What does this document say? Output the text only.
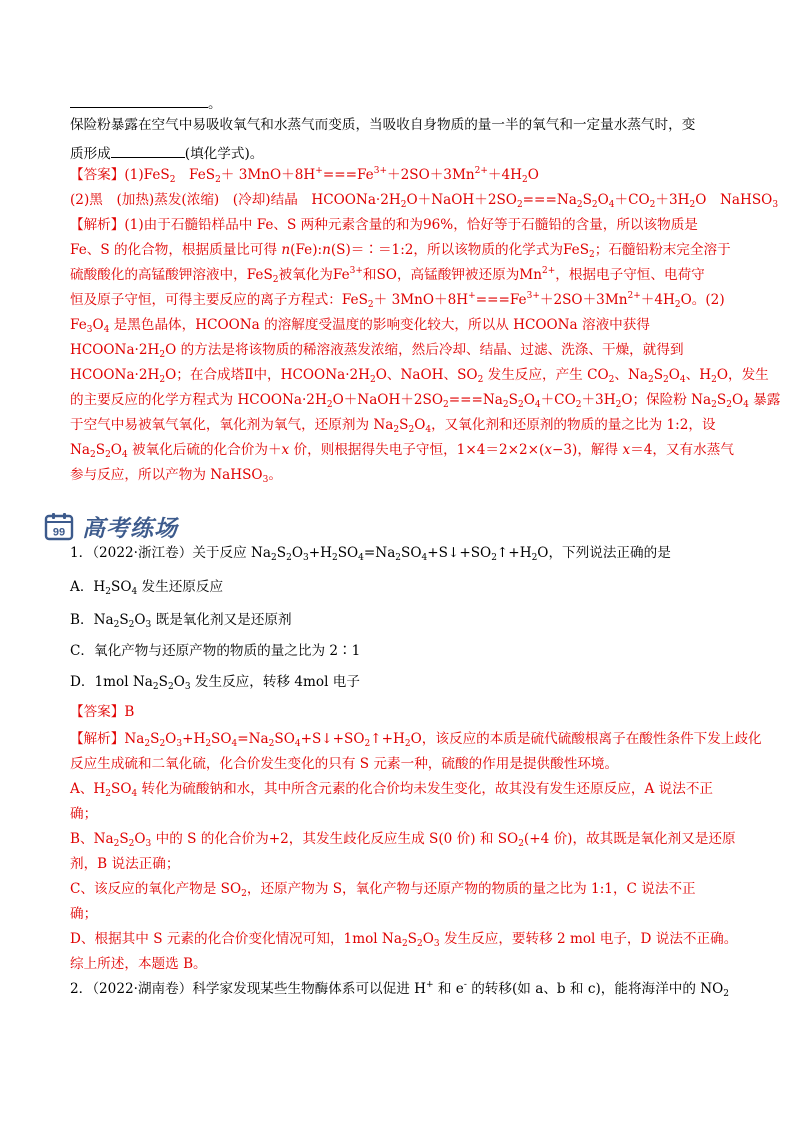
。
保险粉暴露在空气中易吸收氧气和水蒸气而变质，当吸收自身物质的量一半的氧气和一定量水蒸气时，变
质形成	(填化学式)。
【答案】(1)FeS$_2$　$FeS_2+ 3MnO+8H^+===Fe^{3+}+2SO+3Mn^{2+}+4H_2O$
(2)黑　(加热)蒸发(浓缩)　(冷却)结晶　$HCOONa\cdot 2H_2O+NaOH+2SO_2===Na_2S_2O_4+CO_2+3H_2O$　NaHSO$_3$
【解析】(1)由于石髓铅样品中 Fe、S 两种元素含量的和为96%，恰好等于石髓铅的含量，所以该物质是
Fe、S 的化合物，根据质量比可得 n(Fe):n(S)＝∶＝1:2，所以该物质的化学式为FeS$_2$；石髓铅粉末完全溶于
硫酸酸化的高锰酸钾溶液中，FeS$_2$被氧化为$Fe^{3+}$和SO，高锰酸钾被还原为$Mn^{2+}$，根据电子守恒、电荷守
恒及原子守恒，可得主要反应的离子方程式：$FeS_2+ 3MnO+8H^+===Fe^{3+}+2SO+3Mn^{2+}+4H_2O$。(2)
$Fe_3O_4$ 是黑色晶体，HCOONa 的溶解度受温度的影响变化较大，所以从 HCOONa 溶液中获得
$HCOONa\cdot 2H_2O$ 的方法是将该物质的稀溶液蒸发浓缩，然后冷却、结晶、过滤、洗涤、干燥，就得到
$HCOONa\cdot 2H_2O$；在合成塔Ⅱ中，$HCOONa\cdot 2H_2O$、NaOH、$SO_2$ 发生反应，产生 $CO_2$、$Na_2S_2O_4$、$H_2O$，发生
的主要反应的化学方程式为 $HCOONa\cdot 2H_2O+NaOH+2SO_2===Na_2S_2O_4+CO_2+3H_2O$；保险粉 $Na_2S_2O_4$ 暴露
于空气中易被氧气氧化，氧化剂为氧气，还原剂为 $Na_2S_2O_4$，又氧化剂和还原剂的物质的量之比为 1:2，设
$Na_2S_2O_4$ 被氧化后硫的化合价为＋x 价，则根据得失电子守恒，1×4＝2×2×(x−3)，解得 x＝4，又有水蒸气
参与反应，所以产物为 NaHSO$_3$。
99 高考练场
1．（2022·浙江卷）关于反应 $Na_2S_2O_3+H_2SO_4=Na_2SO_4+S↓+SO_2↑+H_2O$，下列说法正确的是
A．$H_2SO_4$ 发生还原反应
B．$Na_2S_2O_3$ 既是氧化剂又是还原剂
C．氧化产物与还原产物的物质的量之比为 2∶1
D．1mol $Na_2S_2O_3$ 发生反应，转移 4mol 电子
【答案】B
【解析】$Na_2S_2O_3+H_2SO_4=Na_2SO_4+S↓+SO_2↑+H_2O$，该反应的本质是硫代硫酸根离子在酸性条件下发上歧化
反应生成硫和二氧化硫，化合价发生变化的只有 S 元素一种，硫酸的作用是提供酸性环境。
A、$H_2SO_4$ 转化为硫酸钠和水，其中所含元素的化合价均未发生变化，故其没有发生还原反应，A 说法不正
确；
B、$Na_2S_2O_3$ 中的 S 的化合价为+2，其发生歧化反应生成 S(0 价) 和 $SO_2(+4$ 价)，故其既是氧化剂又是还原
剂，B 说法正确；
C、该反应的氧化产物是 $SO_2$，还原产物为 S，氧化产物与还原产物的物质的量之比为 1:1，C 说法不正
确；
D、根据其中 S 元素的化合价变化情况可知，1mol $Na_2S_2O_3$ 发生反应，要转移 2 mol 电子，D 说法不正确。
综上所述，本题选 B。
2．（2022·湖南卷）科学家发现某些生物酶体系可以促进 H+ 和 e- 的转移(如 a、b 和 c)，能将海洋中的 $NO_2$
